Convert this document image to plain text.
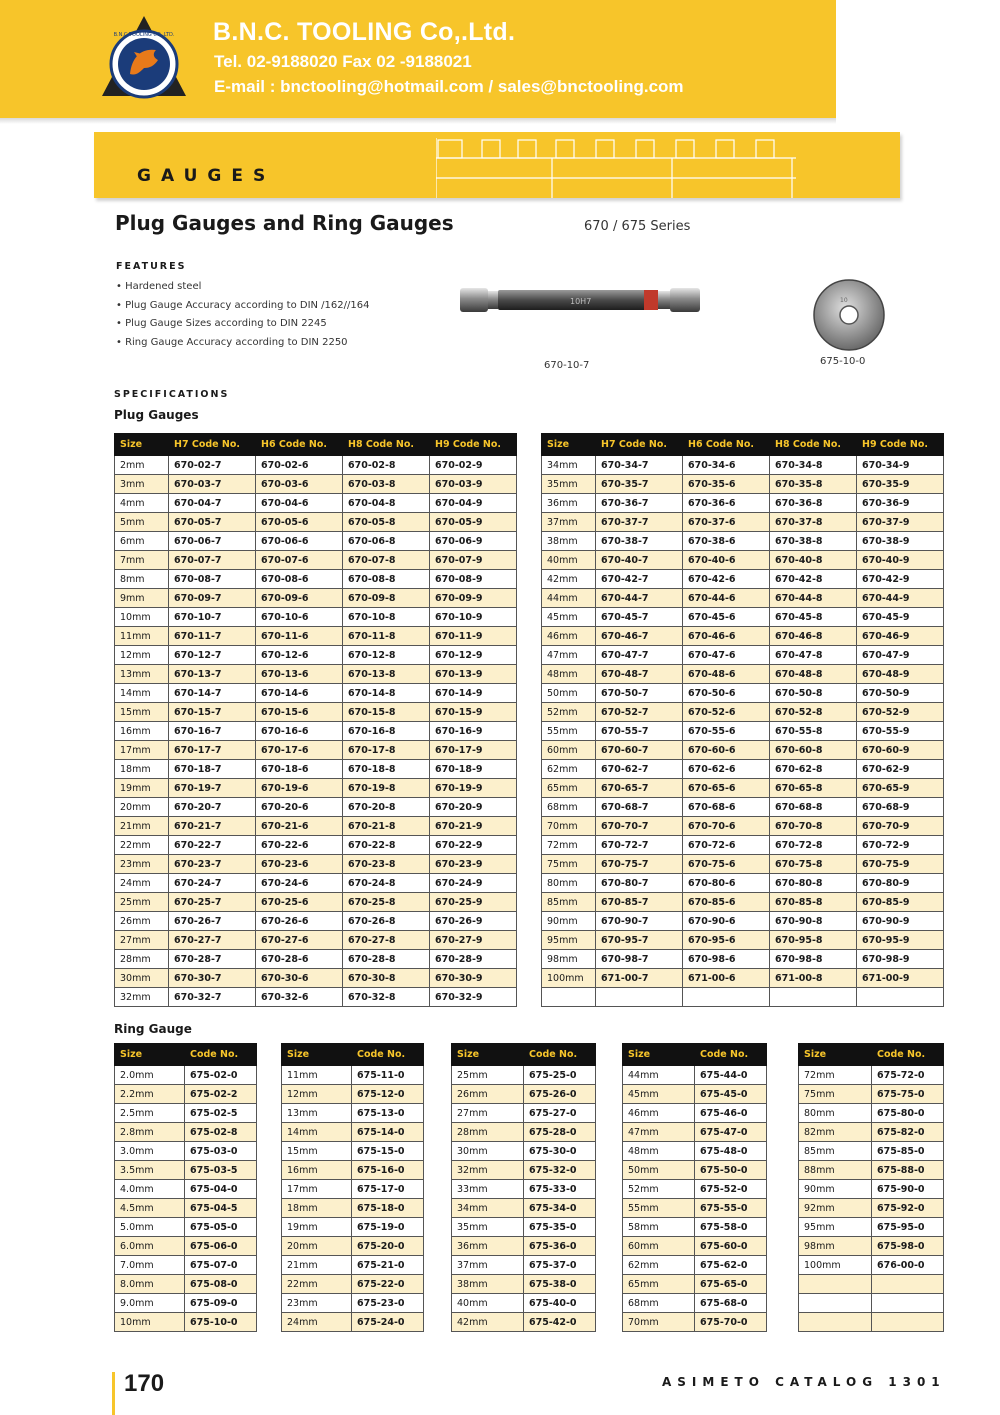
B.N.C.TOOLING CO.,LTD. B.N.C. TOOLING Co,.Ltd.
Tel. 02-9188020 Fax 02 -9188021
E-mail : bnctooling@hotmail.com / sales@bnctooling.com
GAUGES
Plug Gauges and Ring Gauges	670 / 675 Series
FEATURES
• Hardened steel
• Plug Gauge Accuracy according to DIN /162//164
• Plug Gauge Sizes according to DIN 2245
• Ring Gauge Accuracy according to DIN 2250
10H7	10
670-10-7	675-10-0
SPECIFICATIONS
Plug Gauges
Size	H7 Code No.	H6 Code No.	H8 Code No.	H9 Code No.
2mm	670-02-7	670-02-6	670-02-8	670-02-9
3mm	670-03-7	670-03-6	670-03-8	670-03-9
4mm	670-04-7	670-04-6	670-04-8	670-04-9
5mm	670-05-7	670-05-6	670-05-8	670-05-9
6mm	670-06-7	670-06-6	670-06-8	670-06-9
7mm	670-07-7	670-07-6	670-07-8	670-07-9
8mm	670-08-7	670-08-6	670-08-8	670-08-9
9mm	670-09-7	670-09-6	670-09-8	670-09-9
10mm	670-10-7	670-10-6	670-10-8	670-10-9
11mm	670-11-7	670-11-6	670-11-8	670-11-9
12mm	670-12-7	670-12-6	670-12-8	670-12-9
13mm	670-13-7	670-13-6	670-13-8	670-13-9
14mm	670-14-7	670-14-6	670-14-8	670-14-9
15mm	670-15-7	670-15-6	670-15-8	670-15-9
16mm	670-16-7	670-16-6	670-16-8	670-16-9
17mm	670-17-7	670-17-6	670-17-8	670-17-9
18mm	670-18-7	670-18-6	670-18-8	670-18-9
19mm	670-19-7	670-19-6	670-19-8	670-19-9
20mm	670-20-7	670-20-6	670-20-8	670-20-9
21mm	670-21-7	670-21-6	670-21-8	670-21-9
22mm	670-22-7	670-22-6	670-22-8	670-22-9
23mm	670-23-7	670-23-6	670-23-8	670-23-9
24mm	670-24-7	670-24-6	670-24-8	670-24-9
25mm	670-25-7	670-25-6	670-25-8	670-25-9
26mm	670-26-7	670-26-6	670-26-8	670-26-9
27mm	670-27-7	670-27-6	670-27-8	670-27-9
28mm	670-28-7	670-28-6	670-28-8	670-28-9
30mm	670-30-7	670-30-6	670-30-8	670-30-9
32mm	670-32-7	670-32-6	670-32-8	670-32-9
Size	H7 Code No.	H6 Code No.	H8 Code No.	H9 Code No.
34mm	670-34-7	670-34-6	670-34-8	670-34-9
35mm	670-35-7	670-35-6	670-35-8	670-35-9
36mm	670-36-7	670-36-6	670-36-8	670-36-9
37mm	670-37-7	670-37-6	670-37-8	670-37-9
38mm	670-38-7	670-38-6	670-38-8	670-38-9
40mm	670-40-7	670-40-6	670-40-8	670-40-9
42mm	670-42-7	670-42-6	670-42-8	670-42-9
44mm	670-44-7	670-44-6	670-44-8	670-44-9
45mm	670-45-7	670-45-6	670-45-8	670-45-9
46mm	670-46-7	670-46-6	670-46-8	670-46-9
47mm	670-47-7	670-47-6	670-47-8	670-47-9
48mm	670-48-7	670-48-6	670-48-8	670-48-9
50mm	670-50-7	670-50-6	670-50-8	670-50-9
52mm	670-52-7	670-52-6	670-52-8	670-52-9
55mm	670-55-7	670-55-6	670-55-8	670-55-9
60mm	670-60-7	670-60-6	670-60-8	670-60-9
62mm	670-62-7	670-62-6	670-62-8	670-62-9
65mm	670-65-7	670-65-6	670-65-8	670-65-9
68mm	670-68-7	670-68-6	670-68-8	670-68-9
70mm	670-70-7	670-70-6	670-70-8	670-70-9
72mm	670-72-7	670-72-6	670-72-8	670-72-9
75mm	670-75-7	670-75-6	670-75-8	670-75-9
80mm	670-80-7	670-80-6	670-80-8	670-80-9
85mm	670-85-7	670-85-6	670-85-8	670-85-9
90mm	670-90-7	670-90-6	670-90-8	670-90-9
95mm	670-95-7	670-95-6	670-95-8	670-95-9
98mm	670-98-7	670-98-6	670-98-8	670-98-9
100mm	671-00-7	671-00-6	671-00-8	671-00-9

Ring Gauge
Size	Code No.
2.0mm	675-02-0
2.2mm	675-02-2
2.5mm	675-02-5
2.8mm	675-02-8
3.0mm	675-03-0
3.5mm	675-03-5
4.0mm	675-04-0
4.5mm	675-04-5
5.0mm	675-05-0
6.0mm	675-06-0
7.0mm	675-07-0
8.0mm	675-08-0
9.0mm	675-09-0
10mm	675-10-0
Size	Code No.
11mm	675-11-0
12mm	675-12-0
13mm	675-13-0
14mm	675-14-0
15mm	675-15-0
16mm	675-16-0
17mm	675-17-0
18mm	675-18-0
19mm	675-19-0
20mm	675-20-0
21mm	675-21-0
22mm	675-22-0
23mm	675-23-0
24mm	675-24-0
Size	Code No.
25mm	675-25-0
26mm	675-26-0
27mm	675-27-0
28mm	675-28-0
30mm	675-30-0
32mm	675-32-0
33mm	675-33-0
34mm	675-34-0
35mm	675-35-0
36mm	675-36-0
37mm	675-37-0
38mm	675-38-0
40mm	675-40-0
42mm	675-42-0
Size	Code No.
44mm	675-44-0
45mm	675-45-0
46mm	675-46-0
47mm	675-47-0
48mm	675-48-0
50mm	675-50-0
52mm	675-52-0
55mm	675-55-0
58mm	675-58-0
60mm	675-60-0
62mm	675-62-0
65mm	675-65-0
68mm	675-68-0
70mm	675-70-0
Size	Code No.
72mm	675-72-0
75mm	675-75-0
80mm	675-80-0
82mm	675-82-0
85mm	675-85-0
88mm	675-88-0
90mm	675-90-0
92mm	675-92-0
95mm	675-95-0
98mm	675-98-0
100mm	676-00-0

170	ASIMETO CATALOG 1301
